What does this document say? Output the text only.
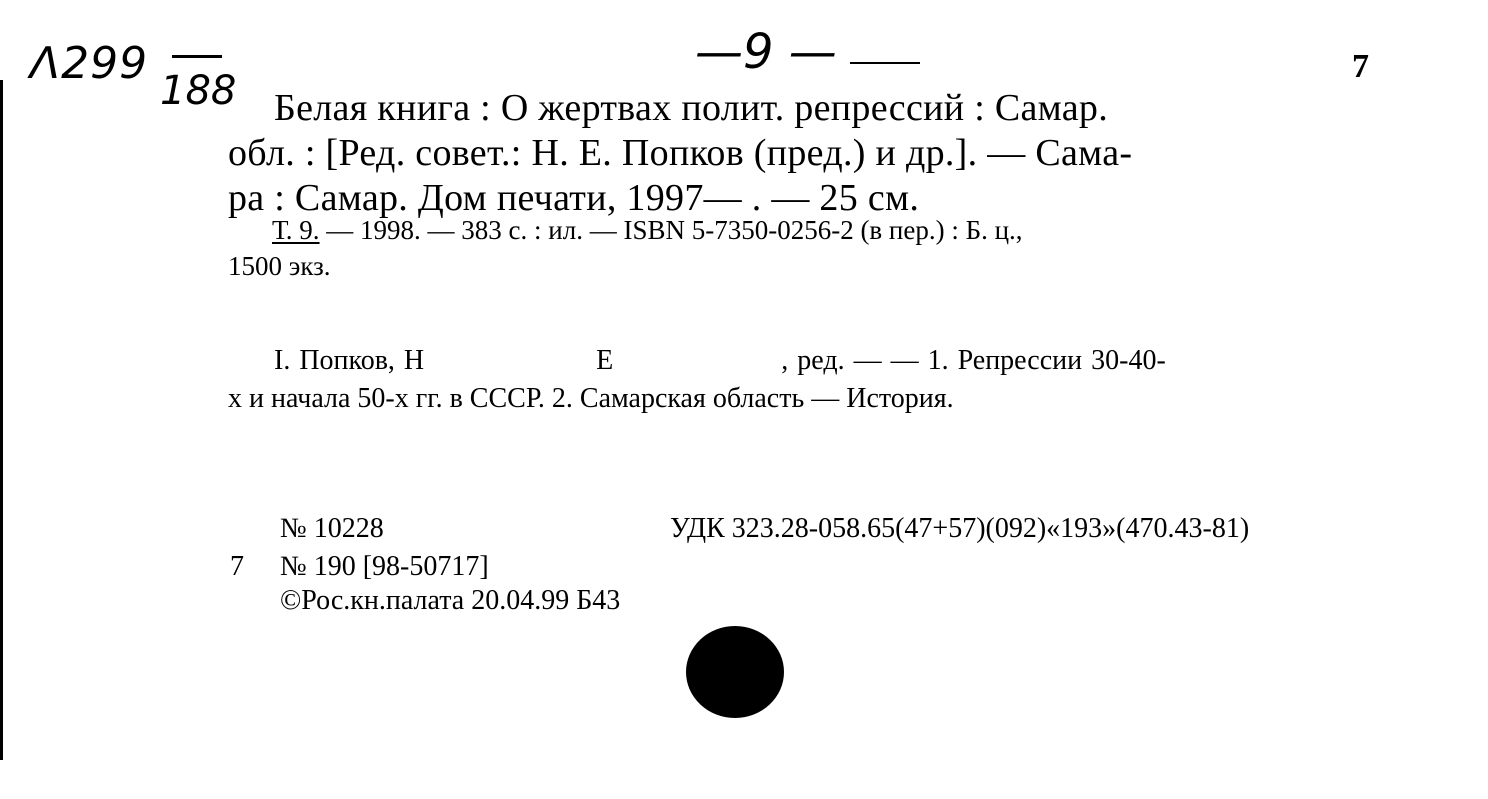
Λ299
188
—9 —	7
Белая книга : О жертвах полит. репрессий : Самар.
обл. : [Ред. совет.: Н. Е. Попков (пред.) и др.]. — Сама-
ра : Самар. Дом печати, 1997— . — 25 см.
Т. 9. — 1998. — 383 с. : ил. — ISBN 5-7350-0256-2 (в пер.) : Б. ц.,
1500 экз.
I. Попков, Н	Е	, ред. — — 1. Репрессии 30-40-
х и начала 50-х гг. в СССР. 2. Самарская область — История.
№ 10228	УДК 323.28-058.65(47+57)(092)«193»(470.43-81)
7 № 190 [98-50717]
©Рос.кн.палата 20.04.99 Б43
